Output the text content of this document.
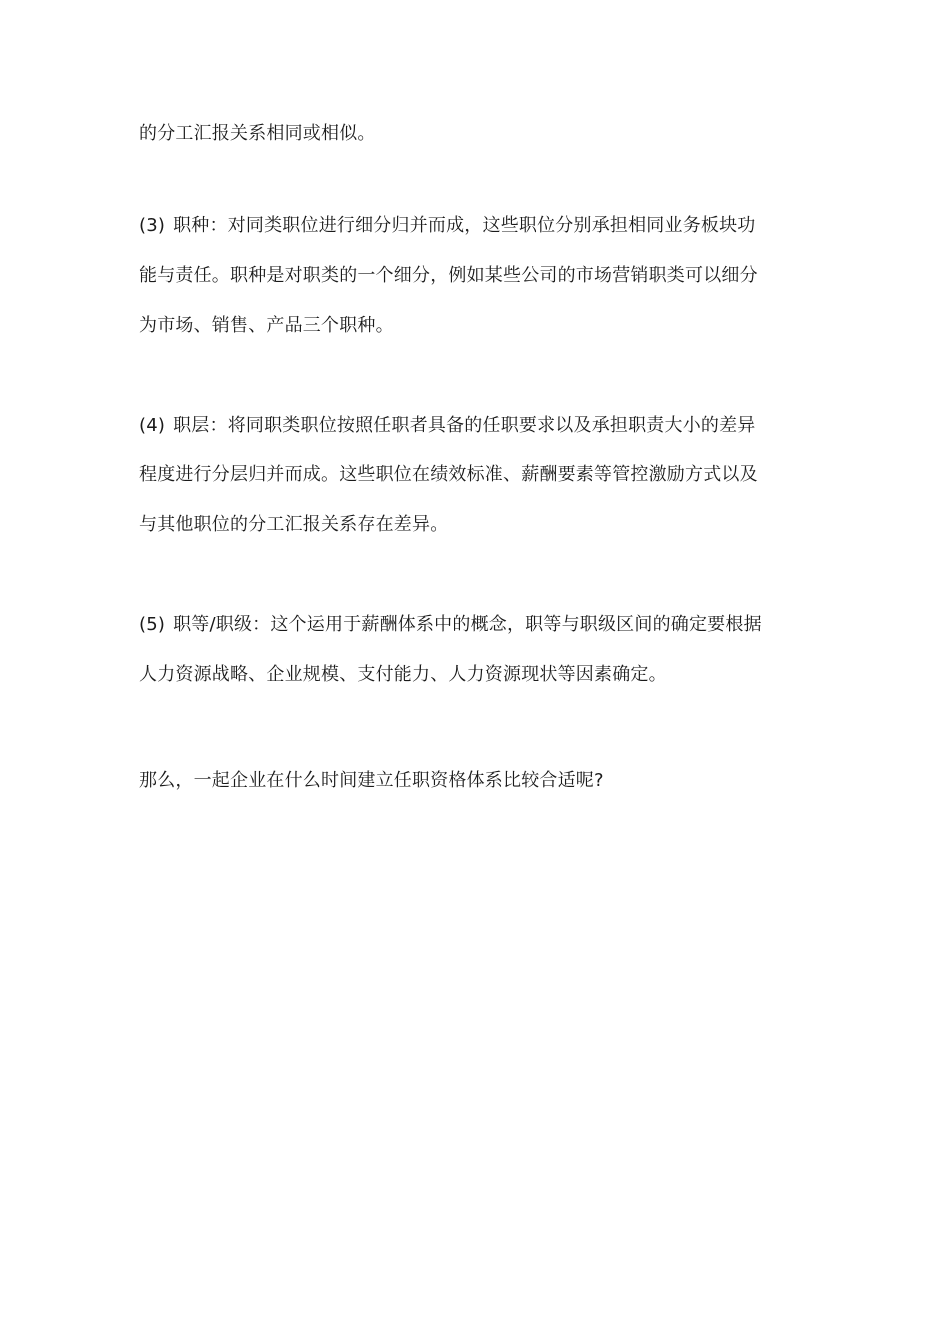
的分工汇报关系相同或相似。
(3) 职种：对同类职位进行细分归并而成，这些职位分别承担相同业务板块功
能与责任。职种是对职类的一个细分，例如某些公司的市场营销职类可以细分
为市场、销售、产品三个职种。
(4) 职层：将同职类职位按照任职者具备的任职要求以及承担职责大小的差异
程度进行分层归并而成。这些职位在绩效标准、薪酬要素等管控激励方式以及
与其他职位的分工汇报关系存在差异。
(5) 职等/职级：这个运用于薪酬体系中的概念，职等与职级区间的确定要根据
人力资源战略、企业规模、支付能力、人力资源现状等因素确定。
那么，一起企业在什么时间建立任职资格体系比较合适呢?
